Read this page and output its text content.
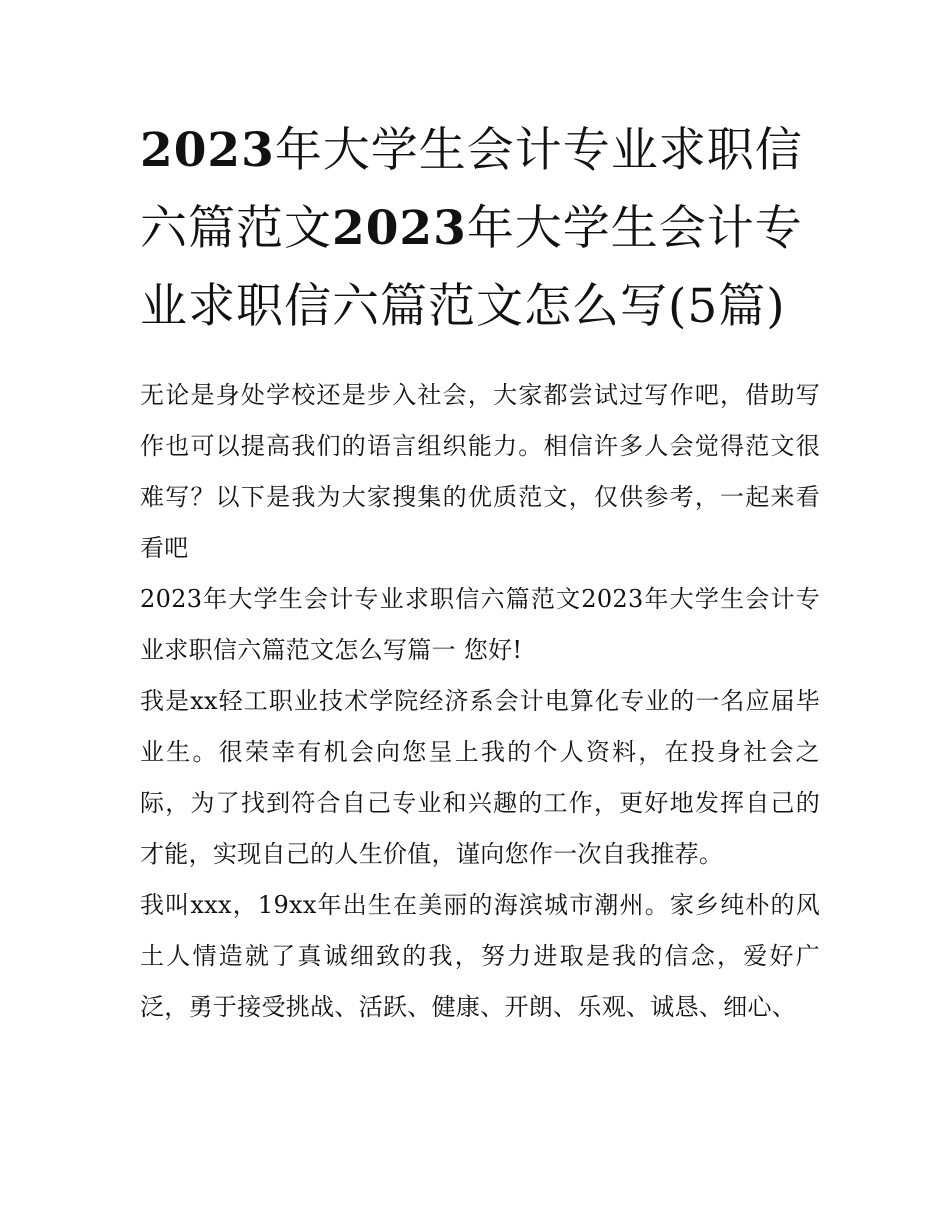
2023年大学生会计专业求职信六篇范文2023年大学生会计专业求职信六篇范文怎么写(5篇)

无论是身处学校还是步入社会，大家都尝试过写作吧，借助写作也可以提高我们的语言组织能力。相信许多人会觉得范文很难写？以下是我为大家搜集的优质范文，仅供参考，一起来看看吧

2023年大学生会计专业求职信六篇范文2023年大学生会计专业求职信六篇范文怎么写篇一 您好!

我是xx轻工职业技术学院经济系会计电算化专业的一名应届毕业生。很荣幸有机会向您呈上我的个人资料，在投身社会之际，为了找到符合自己专业和兴趣的工作，更好地发挥自己的才能，实现自己的人生价值，谨向您作一次自我推荐。

我叫xxx，19xx年出生在美丽的海滨城市潮州。家乡纯朴的风土人情造就了真诚细致的我，努力进取是我的信念，爱好广泛，勇于接受挑战、活跃、健康、开朗、乐观、诚恳、细心、
